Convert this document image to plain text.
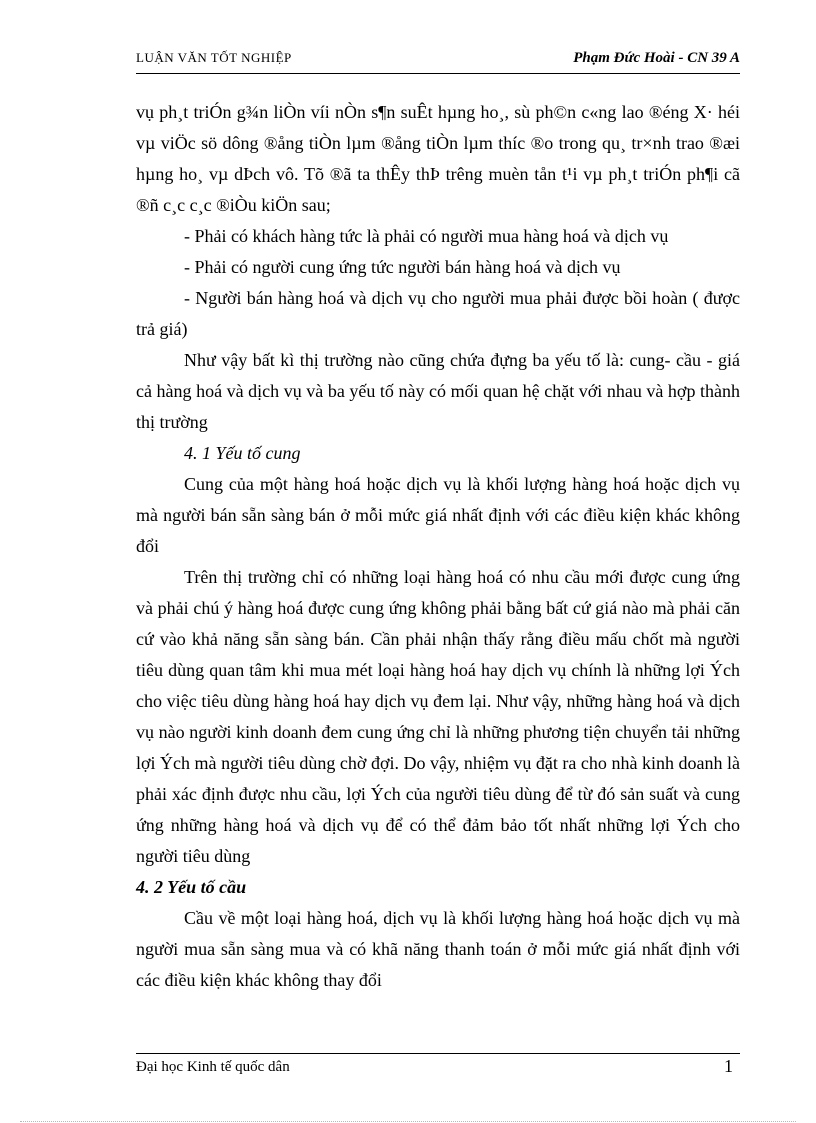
LUẬN VĂN TỐT NGHIỆP	Phạm Đức Hoài - CN 39 A

vụ ph¸t triÓn g¾n liÒn víi nÒn s¶n suÊt hµng ho¸, sù ph©n c«ng lao ®éng X· héi vµ viÖc sö dông ®ång tiÒn lµm ®ång tiÒn lµm thíc ®o trong qu¸ tr×nh trao ®æi hµng ho¸ vµ dÞch vô. Tõ ®ã ta thÊy thÞ trêng muèn tån t¹i vµ ph¸t triÓn ph¶i cã ®ñ c¸c c¸c ®iÒu kiÖn sau;

- Phải có khách hàng tức là phải có người mua hàng hoá và dịch vụ

- Phải có người cung ứng tức người bán hàng hoá và dịch vụ

- Người bán hàng hoá và dịch vụ cho người mua phải được bồi hoàn ( được trả giá)

Như vậy bất kì thị trường nào cũng chứa đựng ba yếu tố là: cung- cầu - giá cả hàng hoá và dịch vụ và ba yếu tố này có mối quan hệ chặt với nhau và hợp thành thị trường

4. 1 Yếu tố cung

Cung của một hàng hoá hoặc dịch vụ là khối lượng hàng hoá hoặc dịch vụ mà người bán sẵn sàng bán ở mỗi mức giá nhất định với các điều kiện khác không đổi

Trên thị trường chỉ có những loại hàng hoá có nhu cầu mới được cung ứng và phải chú ý hàng hoá được cung ứng không phải bằng bất cứ giá nào mà phải căn cứ vào khả năng sẵn sàng bán. Cần phải nhận thấy rằng điều mấu chốt mà người tiêu dùng quan tâm khi mua mét loại hàng hoá hay dịch vụ chính là những lợi Ých cho việc tiêu dùng hàng hoá hay dịch vụ đem lại. Như vậy, những hàng hoá và dịch vụ nào người kinh doanh đem cung ứng chỉ là những phương tiện chuyển tải những lợi Ých mà người tiêu dùng chờ đợi. Do vậy, nhiệm vụ đặt ra cho nhà kinh doanh là phải xác định được nhu cầu, lợi Ých của người tiêu dùng để từ đó sản suất và cung ứng những hàng hoá và dịch vụ để có thể đảm bảo tốt nhất những lợi Ých cho người tiêu dùng

4. 2 Yếu tố cầu

Cầu về một loại hàng hoá, dịch vụ là khối lượng hàng hoá hoặc dịch vụ mà người mua sẵn sàng mua và có khã năng thanh toán ở mỗi mức giá nhất định với các điều kiện khác không thay đổi

Đại học Kinh tế quốc dân	1
